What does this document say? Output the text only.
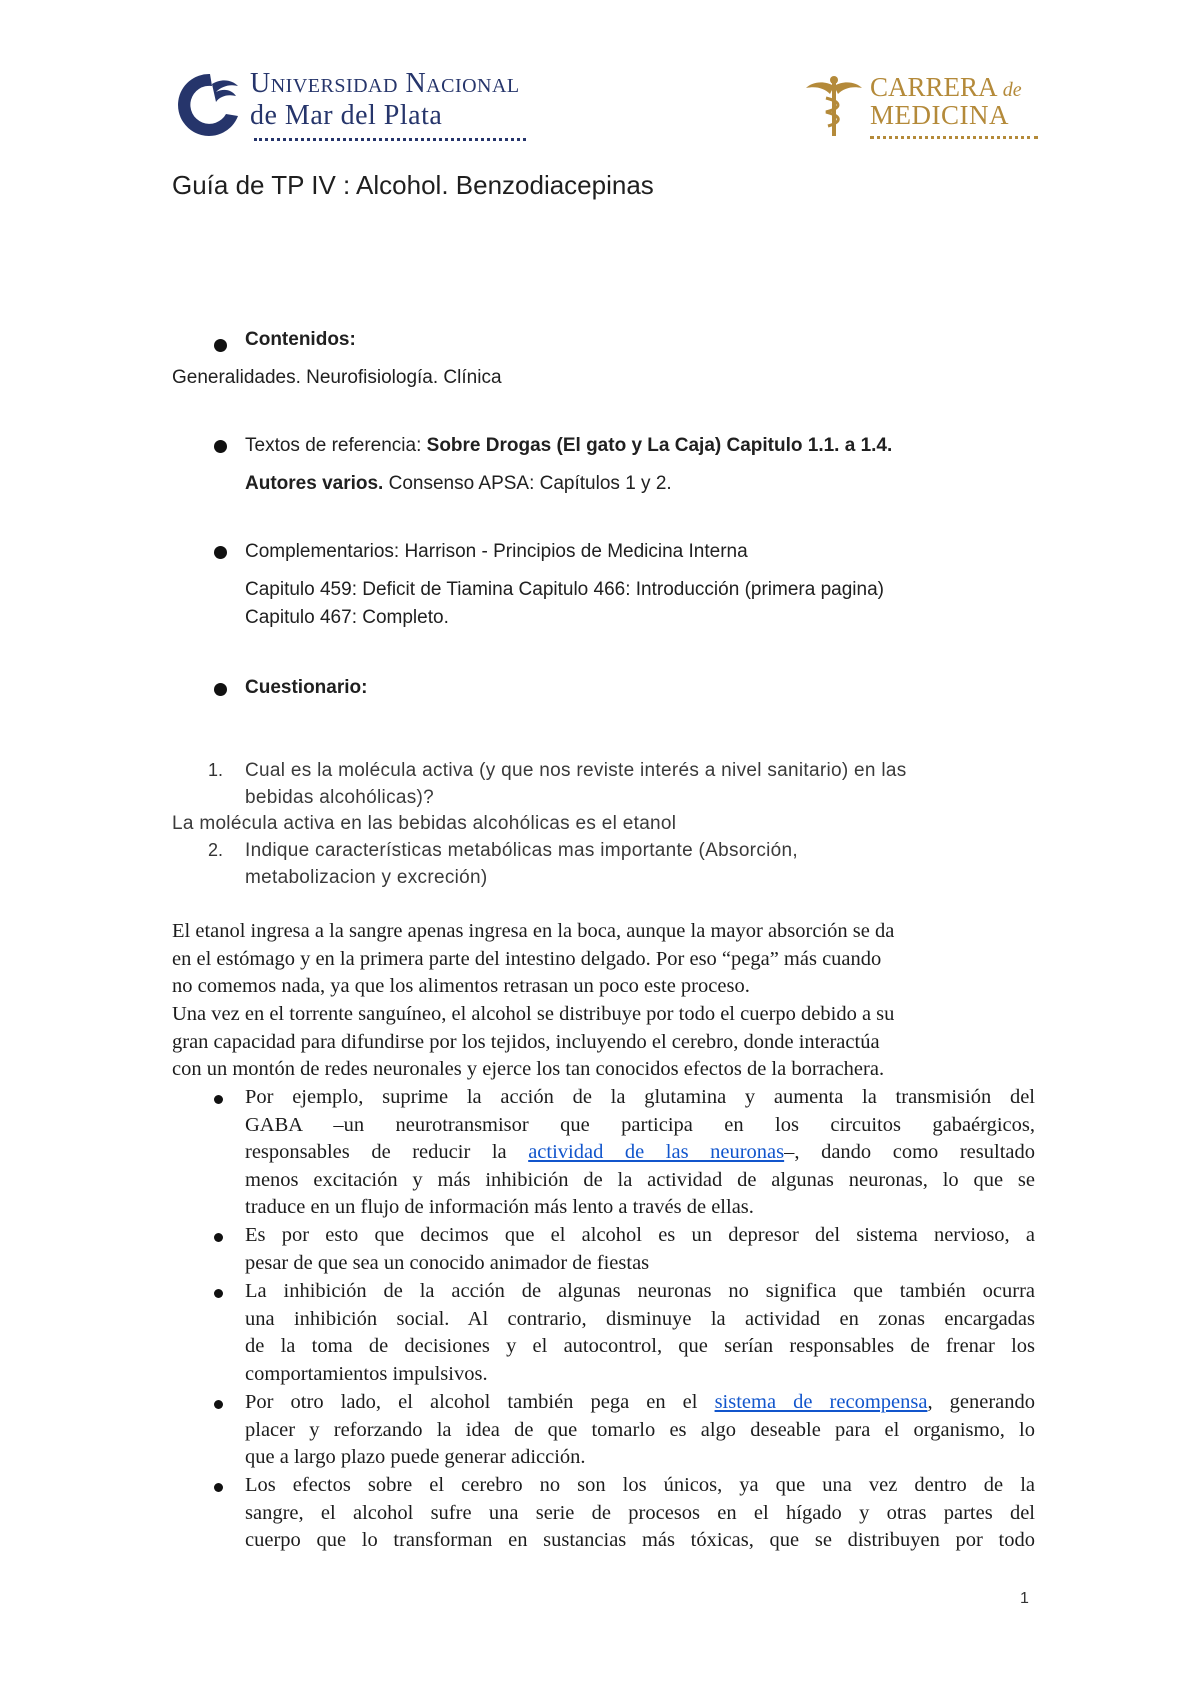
Universidad Nacional
de Mar del Plata
CARRERA de
MEDICINA
Guía de TP IV : Alcohol. Benzodiacepinas
Contenidos:
Generalidades. Neurofisiología. Clínica
Textos de referencia: Sobre Drogas (El gato y La Caja) Capitulo 1.1. a 1.4.
Autores varios. Consenso APSA: Capítulos 1 y 2.
Complementarios: Harrison - Principios de Medicina Interna
Capitulo 459: Deficit de Tiamina Capitulo 466: Introducción (primera pagina)
Capitulo 467: Completo.
Cuestionario:
1. Cual es la molécula activa (y que nos reviste interés a nivel sanitario) en las
bebidas alcohólicas)?
La molécula activa en las bebidas alcohólicas es el etanol
2. Indique características metabólicas mas importante (Absorción,
metabolizacion y excreción)
El etanol ingresa a la sangre apenas ingresa en la boca, aunque la mayor absorción se da
en el estómago y en la primera parte del intestino delgado. Por eso “pega” más cuando
no comemos nada, ya que los alimentos retrasan un poco este proceso.
Una vez en el torrente sanguíneo, el alcohol se distribuye por todo el cuerpo debido a su
gran capacidad para difundirse por los tejidos, incluyendo el cerebro, donde interactúa
con un montón de redes neuronales y ejerce los tan conocidos efectos de la borrachera.
Por ejemplo, suprime la acción de la glutamina y aumenta la transmisión del
GABA –un neurotransmisor que participa en los circuitos gabaérgicos,
responsables de reducir la actividad de las neuronas–, dando como resultado
menos excitación y más inhibición de la actividad de algunas neuronas, lo que se
traduce en un flujo de información más lento a través de ellas.
Es por esto que decimos que el alcohol es un depresor del sistema nervioso, a
pesar de que sea un conocido animador de fiestas
La inhibición de la acción de algunas neuronas no significa que también ocurra
una inhibición social. Al contrario, disminuye la actividad en zonas encargadas
de la toma de decisiones y el autocontrol, que serían responsables de frenar los
comportamientos impulsivos.
Por otro lado, el alcohol también pega en el sistema de recompensa, generando
placer y reforzando la idea de que tomarlo es algo deseable para el organismo, lo
que a largo plazo puede generar adicción.
Los efectos sobre el cerebro no son los únicos, ya que una vez dentro de la
sangre, el alcohol sufre una serie de procesos en el hígado y otras partes del
cuerpo que lo transforman en sustancias más tóxicas, que se distribuyen por todo
1
